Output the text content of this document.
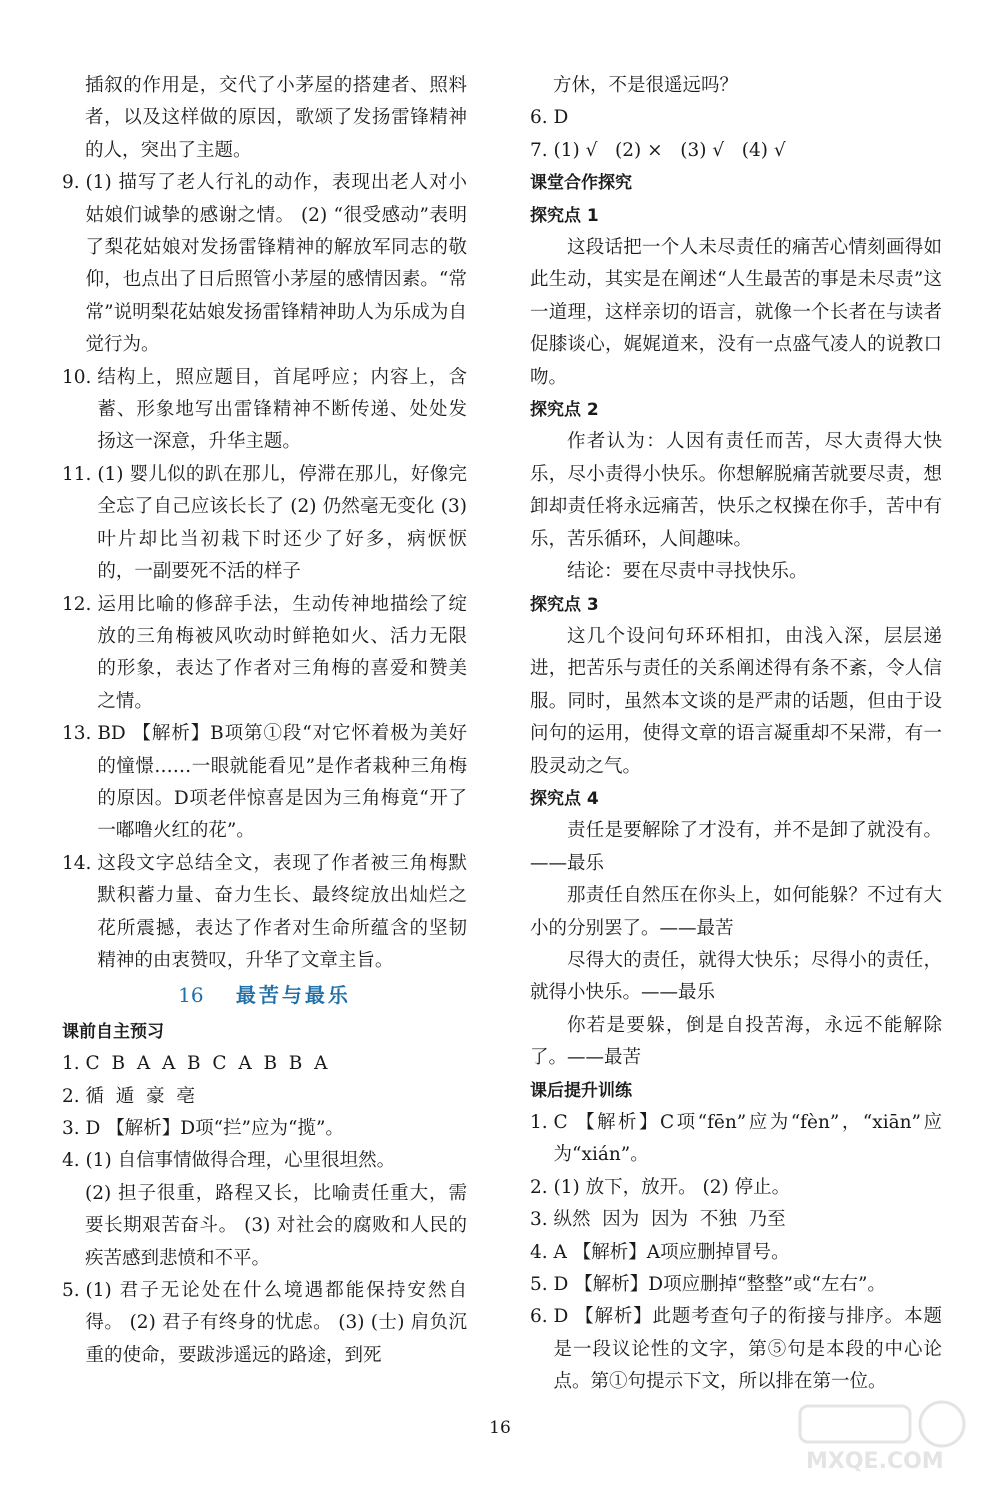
插叙的作用是，交代了小茅屋的搭建者、照料者，以及这样做的原因，歌颂了发扬雷锋精神的人，突出了主题。

9. (1) 描写了老人行礼的动作，表现出老人对小姑娘们诚挚的感谢之情。 (2) “很受感动”表明了梨花姑娘对发扬雷锋精神的解放军同志的敬仰，也点出了日后照管小茅屋的感情因素。“常常”说明梨花姑娘发扬雷锋精神助人为乐成为自觉行为。
10. 结构上，照应题目，首尾呼应；内容上，含蓄、形象地写出雷锋精神不断传递、处处发扬这一深意，升华主题。
11. (1) 婴儿似的趴在那儿，停滞在那儿，好像完全忘了自己应该长长了 (2) 仍然毫无变化 (3) 叶片却比当初栽下时还少了好多，病恹恹的，一副要死不活的样子
12. 运用比喻的修辞手法，生动传神地描绘了绽放的三角梅被风吹动时鲜艳如火、活力无限的形象，表达了作者对三角梅的喜爱和赞美之情。
13. BD 【解析】B项第①段“对它怀着极为美好的憧憬……一眼就能看见”是作者栽种三角梅的原因。D项老伴惊喜是因为三角梅竟“开了一嘟噜火红的花”。
14. 这段文字总结全文，表现了作者被三角梅默默积蓄力量、奋力生长、最终绽放出灿烂之花所震撼，表达了作者对生命所蕴含的坚韧精神的由衷赞叹，升华了文章主旨。
16 最苦与最乐
课前自主预习
1. C  B  A  A  B  C  A  B  B  A
2. 循  遁  豪  亳
3. D 【解析】D项“拦”应为“揽”。
4. (1) 自信事情做得合理，心里很坦然。

(2) 担子很重，路程又长，比喻责任重大，需要长期艰苦奋斗。 (3) 对社会的腐败和人民的疾苦感到悲愤和不平。

5. (1) 君子无论处在什么境遇都能保持安然自得。 (2) 君子有终身的忧虑。 (3) (士) 肩负沉重的使命，要跋涉遥远的路途，到死

方休，不是很遥远吗？

6. D

7. (1) √   (2) ×   (3) √   (4) √

课堂合作探究
探究点 1

这段话把一个人未尽责任的痛苦心情刻画得如此生动，其实是在阐述“人生最苦的事是未尽责”这一道理，这样亲切的语言，就像一个长者在与读者促膝谈心，娓娓道来，没有一点盛气凌人的说教口吻。

探究点 2

作者认为：人因有责任而苦，尽大责得大快乐，尽小责得小快乐。你想解脱痛苦就要尽责，想卸却责任将永远痛苦，快乐之权操在你手，苦中有乐，苦乐循环，人间趣味。

结论：要在尽责中寻找快乐。

探究点 3

这几个设问句环环相扣，由浅入深，层层递进，把苦乐与责任的关系阐述得有条不紊，令人信服。同时，虽然本文谈的是严肃的话题，但由于设问句的运用，使得文章的语言凝重却不呆滞，有一股灵动之气。

探究点 4

责任是要解除了才没有，并不是卸了就没有。——最乐

那责任自然压在你头上，如何能躲？不过有大小的分别罢了。——最苦

尽得大的责任，就得大快乐；尽得小的责任，就得小快乐。——最乐

你若是要躲，倒是自投苦海，永远不能解除了。——最苦

课后提升训练
1. C 【解析】C项“fēn”应为“fèn”，“xiān”应为“xián”。
2. (1) 放下，放开。 (2) 停止。
3. 纵然  因为  因为  不独  乃至
4. A 【解析】A项应删掉冒号。
5. D 【解析】D项应删掉“整整”或“左右”。
6. D 【解析】此题考查句子的衔接与排序。本题是一段议论性的文字，第⑤句是本段的中心论点。第①句提示下文，所以排在第一位。
16
MXQE.COM
